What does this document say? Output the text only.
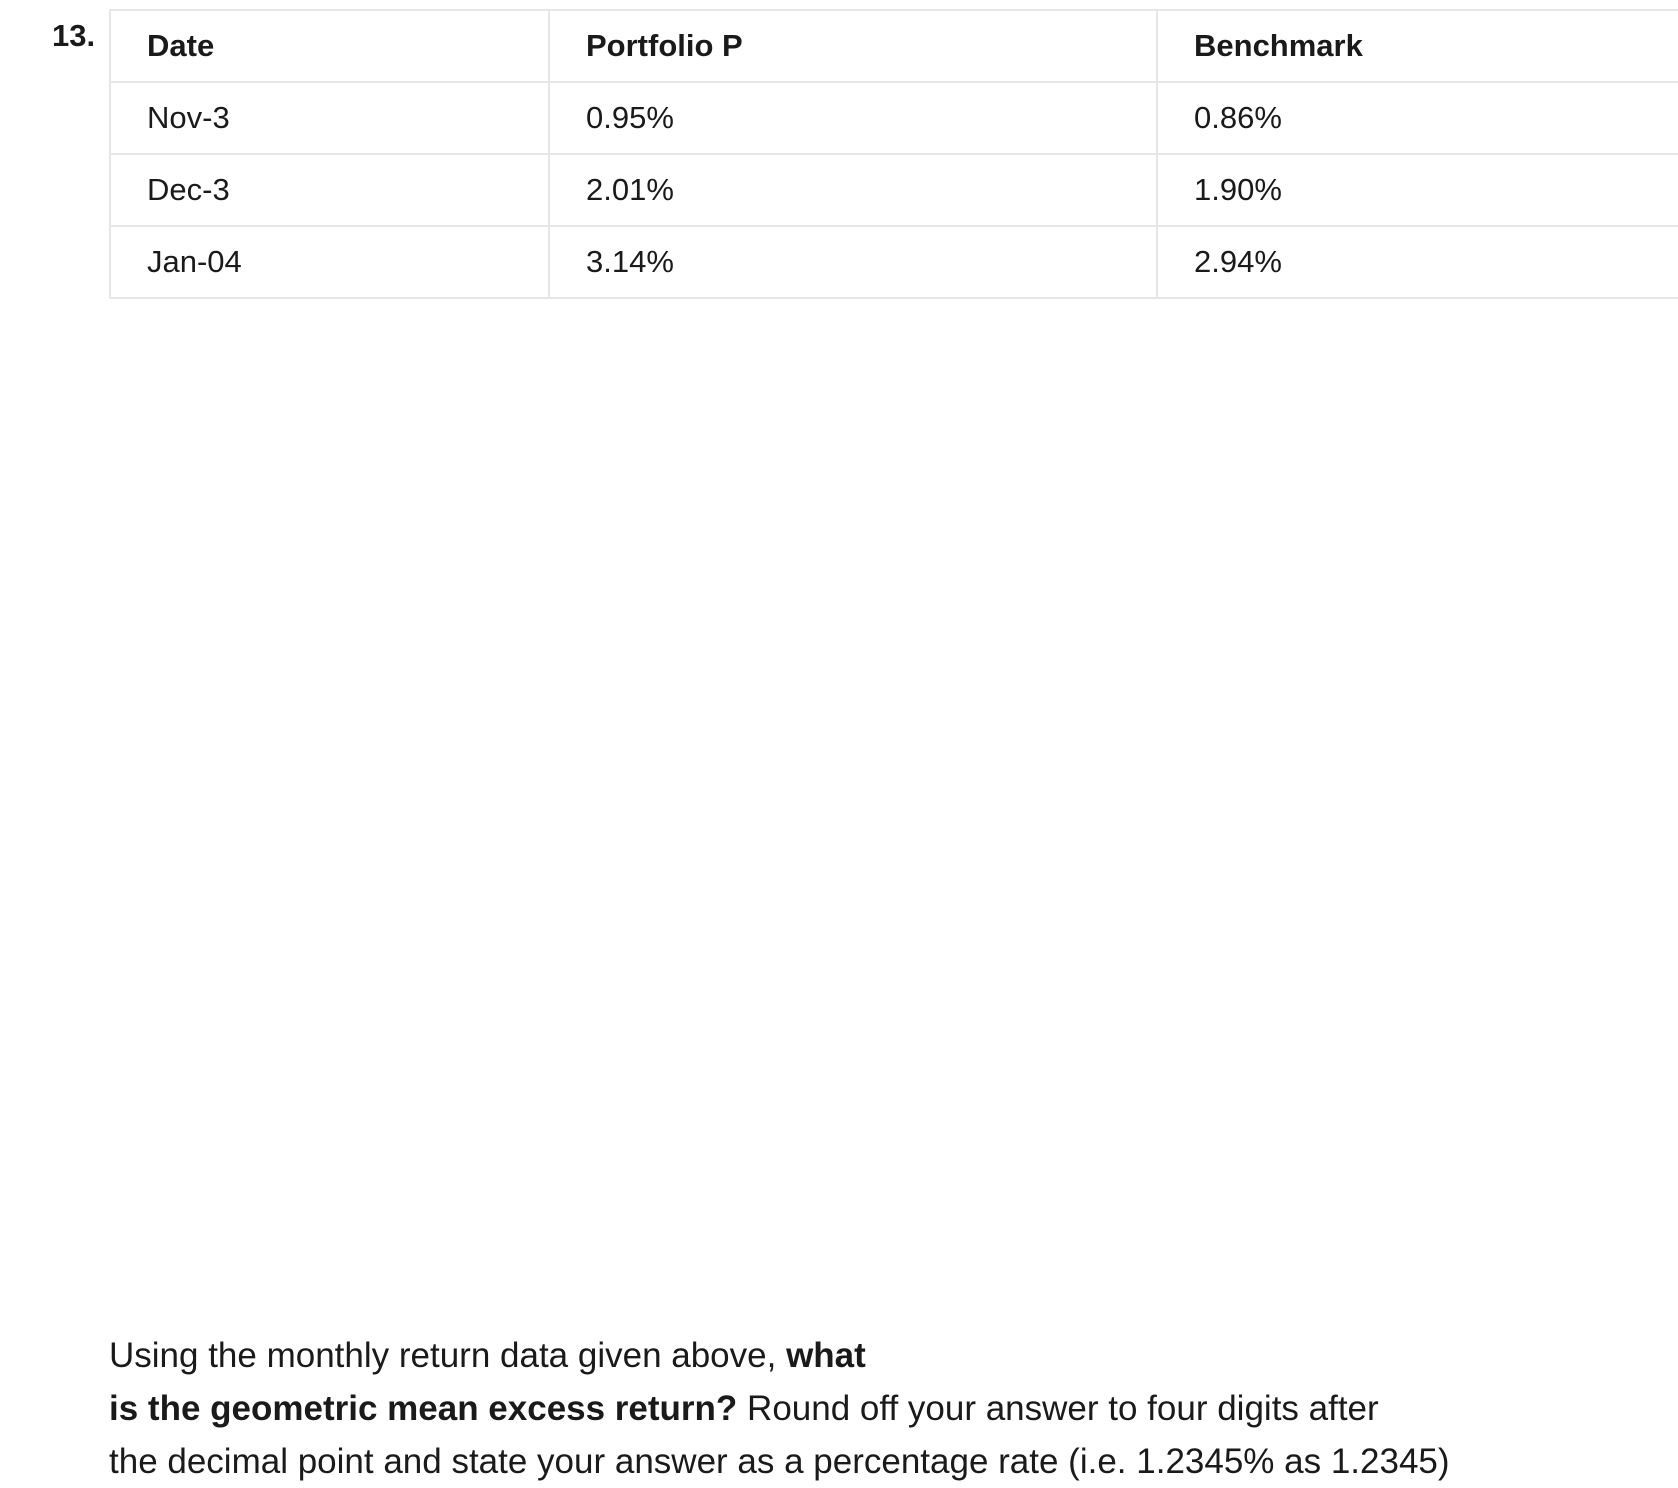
13. Date	Portfolio P	Benchmark
Nov-3	0.95%	0.86%
Dec-3	2.01%	1.90%
Jan-04	3.14%	2.94%

Using the monthly return data given above, what
is the geometric mean excess return? Round off your answer to four digits after
the decimal point and state your answer as a percentage rate (i.e. 1.2345% as 1.2345)
